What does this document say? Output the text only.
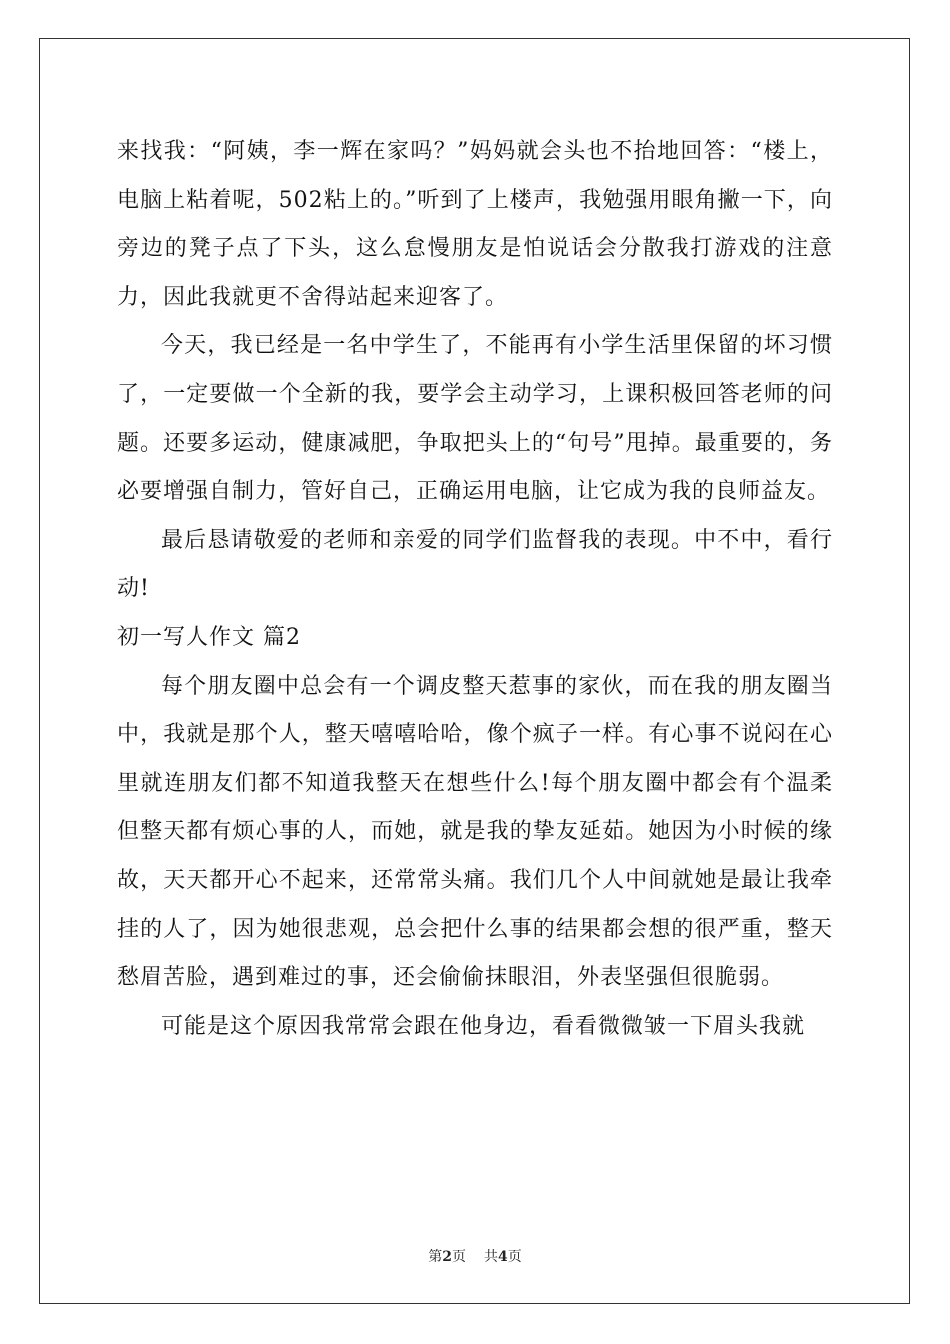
来找我：“阿姨，李一辉在家吗？”妈妈就会头也不抬地回答：“楼上，电脑上粘着呢，502粘上的。”听到了上楼声，我勉强用眼角撇一下，向旁边的凳子点了下头，这么怠慢朋友是怕说话会分散我打游戏的注意力，因此我就更不舍得站起来迎客了。

今天，我已经是一名中学生了，不能再有小学生活里保留的坏习惯了，一定要做一个全新的我，要学会主动学习，上课积极回答老师的问题。还要多运动，健康减肥，争取把头上的“句号”甩掉。最重要的，务必要增强自制力，管好自己，正确运用电脑，让它成为我的良师益友。

最后恳请敬爱的老师和亲爱的同学们监督我的表现。中不中，看行动!

初一写人作文 篇2

每个朋友圈中总会有一个调皮整天惹事的家伙，而在我的朋友圈当中，我就是那个人，整天嘻嘻哈哈，像个疯子一样。有心事不说闷在心里就连朋友们都不知道我整天在想些什么!每个朋友圈中都会有个温柔但整天都有烦心事的人，而她，就是我的挚友延茹。她因为小时候的缘故，天天都开心不起来，还常常头痛。我们几个人中间就她是最让我牵挂的人了，因为她很悲观，总会把什么事的结果都会想的很严重，整天愁眉苦脸，遇到难过的事，还会偷偷抹眼泪，外表坚强但很脆弱。

可能是这个原因我常常会跟在他身边，看看微微皱一下眉头我就

第2页 共4页
